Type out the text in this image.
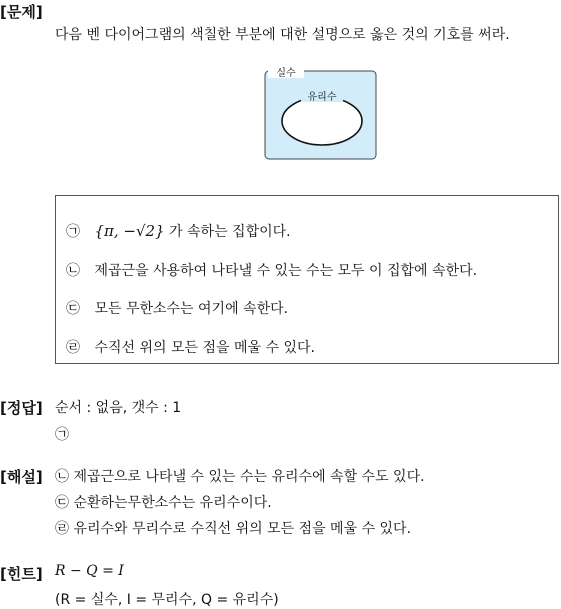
[문제]
다음 벤 다이어그램의 색칠한 부분에 대한 설명으로 옳은 것의 기호를 써라.
실수
유리수
㉠ {π, −√2} 가 속하는 집합이다.
㉡ 제곱근을 사용하여 나타낼 수 있는 수는 모두 이 집합에 속한다.
㉢ 모든 무한소수는 여기에 속한다.
㉣ 수직선 위의 모든 점을 메울 수 있다.
[정답] 순서 : 없음, 갯수 : 1
㉠
[해설] ㉡ 제곱근으로 나타낼 수 있는 수는 유리수에 속할 수도 있다.
㉢ 순환하는무한소수는 유리수이다.
㉣ 유리수와 무리수로 수직선 위의 모든 점을 메울 수 있다.
[힌트] R − Q = I
(R = 실수, I = 무리수, Q = 유리수)
